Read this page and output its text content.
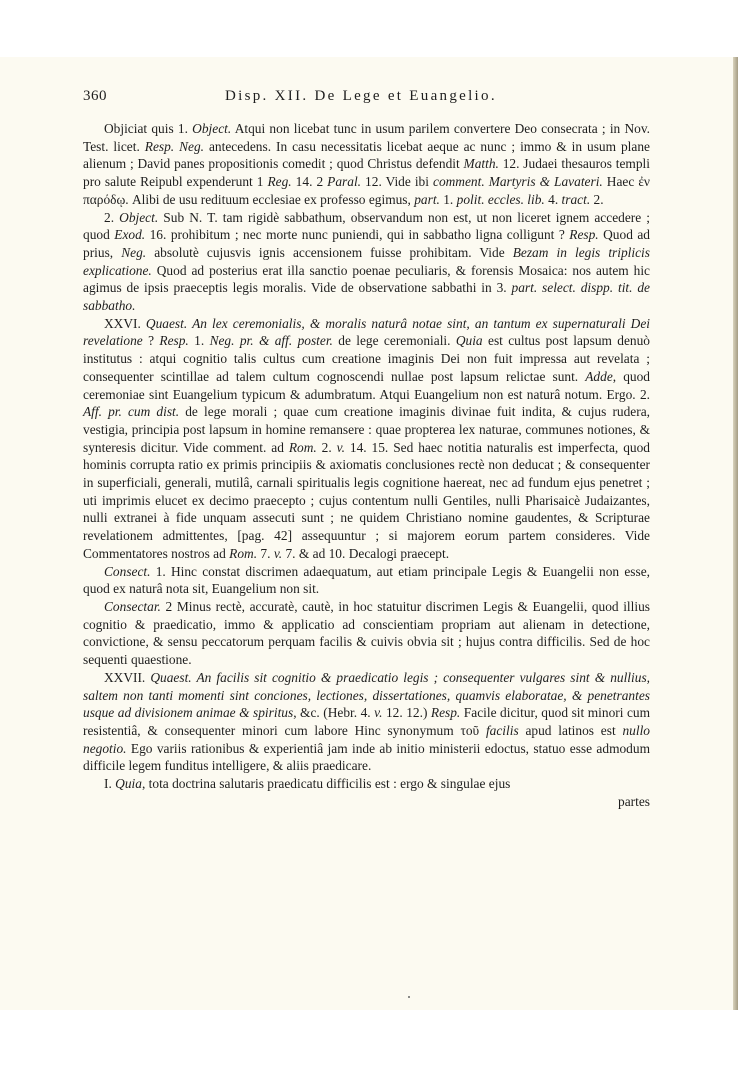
360	Disp. XII. De Lege et Euangelio.

Objiciat quis 1. Object. Atqui non licebat tunc in usum parilem convertere Deo consecrata ; in Nov. Test. licet. Resp. Neg. antecedens. In casu necessitatis licebat aeque ac nunc ; immo & in usum plane alienum ; David panes propositionis comedit ; quod Christus defendit Matth. 12. Judaei thesauros templi pro salute Reipubl expenderunt 1 Reg. 14. 2 Paral. 12. Vide ibi comment. Martyris & Lavateri. Haec ἐν παρόδῳ. Alibi de usu redituum ecclesiae ex professo egimus, part. 1. polit. eccles. lib. 4. tract. 2.

2. Object. Sub N. T. tam rigidè sabbathum, observandum non est, ut non liceret ignem accedere ; quod Exod. 16. prohibitum ; nec morte nunc puniendi, qui in sabbatho ligna colligunt ? Resp. Quod ad prius, Neg. absolutè cujusvis ignis accensionem fuisse prohibitam. Vide Bezam in legis triplicis explicatione. Quod ad posterius erat illa sanctio poenae peculiaris, & forensis Mosaica: nos autem hic agimus de ipsis praeceptis legis moralis. Vide de observatione sabbathi in 3. part. select. dispp. tit. de sabbatho.

XXVI. Quaest. An lex ceremonialis, & moralis naturâ notae sint, an tantum ex supernaturali Dei revelatione ? Resp. 1. Neg. pr. & aff. poster. de lege ceremoniali. Quia est cultus post lapsum denuò institutus : atqui cognitio talis cultus cum creatione imaginis Dei non fuit impressa aut revelata ; consequenter scintillae ad talem cultum cognoscendi nullae post lapsum relictae sunt. Adde, quod ceremoniae sint Euangelium typicum & adumbratum. Atqui Euangelium non est naturâ notum. Ergo. 2. Aff. pr. cum dist. de lege morali ; quae cum creatione imaginis divinae fuit indita, & cujus rudera, vestigia, principia post lapsum in homine remansere : quae propterea lex naturae, communes notiones, & synteresis dicitur. Vide comment. ad Rom. 2. v. 14. 15. Sed haec notitia naturalis est imperfecta, quod hominis corrupta ratio ex primis principiis & axiomatis conclusiones rectè non deducat ; & consequenter in superficiali, generali, mutilâ, carnali spiritualis legis cognitione haereat, nec ad fundum ejus penetret ; uti imprimis elucet ex decimo praecepto ; cujus contentum nulli Gentiles, nulli Pharisaicè Judaizantes, nulli extranei à fide unquam assecuti sunt ; ne quidem Christiano nomine gaudentes, & Scripturae revelationem admittentes, [pag. 42] assequuntur ; si majorem eorum partem consideres. Vide Commentatores nostros ad Rom. 7. v. 7. & ad 10. Decalogi praecept.

Consect. 1. Hinc constat discrimen adaequatum, aut etiam principale Legis & Euangelii non esse, quod ex naturâ nota sit, Euangelium non sit.

Consectar. 2 Minus rectè, accuratè, cautè, in hoc statuitur discrimen Legis & Euangelii, quod illius cognitio & praedicatio, immo & applicatio ad conscientiam propriam aut alienam in detectione, convictione, & sensu peccatorum perquam facilis & cuivis obvia sit ; hujus contra difficilis. Sed de hoc sequenti quaestione.

XXVII. Quaest. An facilis sit cognitio & praedicatio legis ; consequenter vulgares sint & nullius, saltem non tanti momenti sint conciones, lectiones, dissertationes, quamvis elaboratae, & penetrantes usque ad divisionem animae & spiritus, &c. (Hebr. 4. v. 12. 12.) Resp. Facile dicitur, quod sit minori cum resistentiâ, & consequenter minori cum labore Hinc synonymum τοῦ facilis apud latinos est nullo negotio. Ego variis rationibus & experientiâ jam inde ab initio ministerii edoctus, statuo esse admodum difficile legem funditus intelligere, & aliis praedicare.

I. Quia, tota doctrina salutaris praedicatu difficilis est : ergo & singulae ejus

partes
